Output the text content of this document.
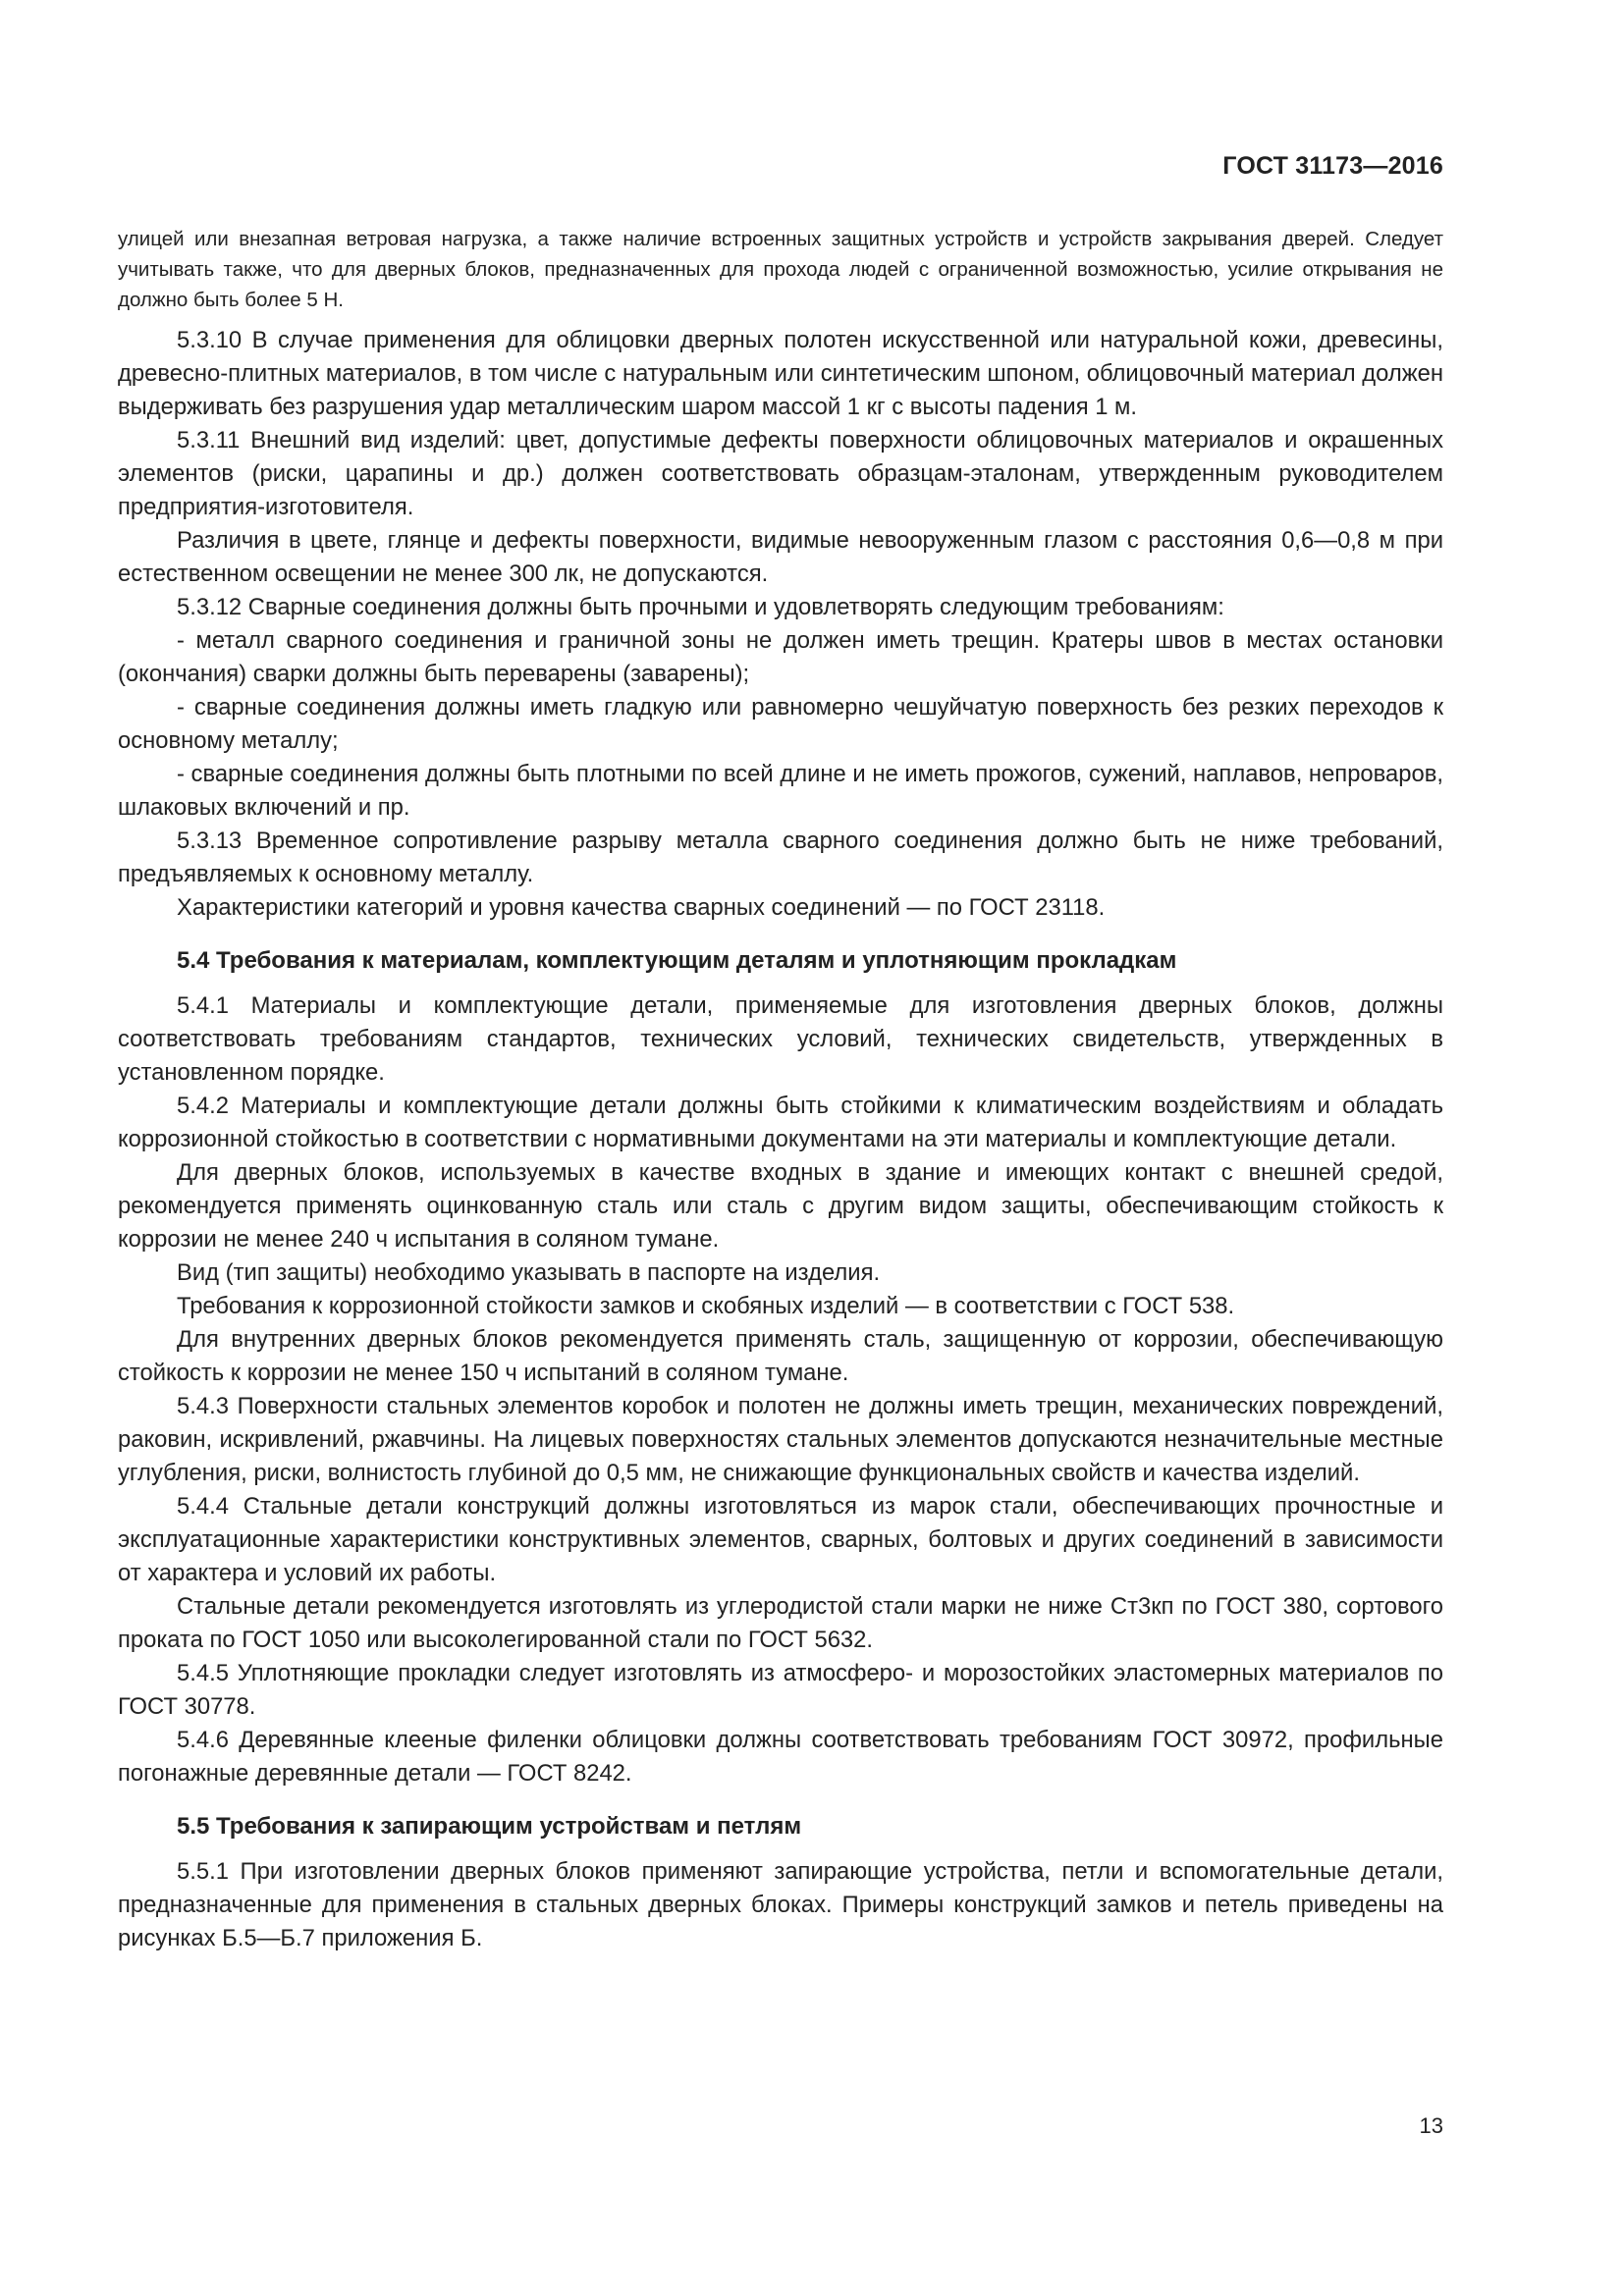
ГОСТ 31173—2016

улицей или внезапная ветровая нагрузка, а также наличие встроенных защитных устройств и устройств закрывания дверей. Следует учитывать также, что для дверных блоков, предназначенных для прохода людей с ограниченной возможностью, усилие открывания не должно быть более 5 Н.

5.3.10 В случае применения для облицовки дверных полотен искусственной или натуральной кожи, древесины, древесно-плитных материалов, в том числе с натуральным или синтетическим шпоном, облицовочный материал должен выдерживать без разрушения удар металлическим шаром массой 1 кг с высоты падения 1 м.

5.3.11 Внешний вид изделий: цвет, допустимые дефекты поверхности облицовочных материалов и окрашенных элементов (риски, царапины и др.) должен соответствовать образцам-эталонам, утвержденным руководителем предприятия-изготовителя.

Различия в цвете, глянце и дефекты поверхности, видимые невооруженным глазом с расстояния 0,6—0,8 м при естественном освещении не менее 300 лк, не допускаются.

5.3.12 Сварные соединения должны быть прочными и удовлетворять следующим требованиям:

- металл сварного соединения и граничной зоны не должен иметь трещин. Кратеры швов в местах остановки (окончания) сварки должны быть переварены (заварены);

- сварные соединения должны иметь гладкую или равномерно чешуйчатую поверхность без резких переходов к основному металлу;

- сварные соединения должны быть плотными по всей длине и не иметь прожогов, сужений, наплавов, непроваров, шлаковых включений и пр.

5.3.13 Временное сопротивление разрыву металла сварного соединения должно быть не ниже требований, предъявляемых к основному металлу.

Характеристики категорий и уровня качества сварных соединений — по ГОСТ 23118.

5.4 Требования к материалам, комплектующим деталям и уплотняющим прокладкам

5.4.1 Материалы и комплектующие детали, применяемые для изготовления дверных блоков, должны соответствовать требованиям стандартов, технических условий, технических свидетельств, утвержденных в установленном порядке.

5.4.2 Материалы и комплектующие детали должны быть стойкими к климатическим воздействиям и обладать коррозионной стойкостью в соответствии с нормативными документами на эти материалы и комплектующие детали.

Для дверных блоков, используемых в качестве входных в здание и имеющих контакт с внешней средой, рекомендуется применять оцинкованную сталь или сталь с другим видом защиты, обеспечивающим стойкость к коррозии не менее 240 ч испытания в соляном тумане.

Вид (тип защиты) необходимо указывать в паспорте на изделия.

Требования к коррозионной стойкости замков и скобяных изделий — в соответствии с ГОСТ 538.

Для внутренних дверных блоков рекомендуется применять сталь, защищенную от коррозии, обеспечивающую стойкость к коррозии не менее 150 ч испытаний в соляном тумане.

5.4.3 Поверхности стальных элементов коробок и полотен не должны иметь трещин, механических повреждений, раковин, искривлений, ржавчины. На лицевых поверхностях стальных элементов допускаются незначительные местные углубления, риски, волнистость глубиной до 0,5 мм, не снижающие функциональных свойств и качества изделий.

5.4.4 Стальные детали конструкций должны изготовляться из марок стали, обеспечивающих прочностные и эксплуатационные характеристики конструктивных элементов, сварных, болтовых и других соединений в зависимости от характера и условий их работы.

Стальные детали рекомендуется изготовлять из углеродистой стали марки не ниже Ст3кп по ГОСТ 380, сортового проката по ГОСТ 1050 или высоколегированной стали по ГОСТ 5632.

5.4.5 Уплотняющие прокладки следует изготовлять из атмосферо- и морозостойких эластомерных материалов по ГОСТ 30778.

5.4.6 Деревянные клееные филенки облицовки должны соответствовать требованиям ГОСТ 30972, профильные погонажные деревянные детали — ГОСТ 8242.

5.5 Требования к запирающим устройствам и петлям

5.5.1 При изготовлении дверных блоков применяют запирающие устройства, петли и вспомогательные детали, предназначенные для применения в стальных дверных блоках. Примеры конструкций замков и петель приведены на рисунках Б.5—Б.7 приложения Б.

13
